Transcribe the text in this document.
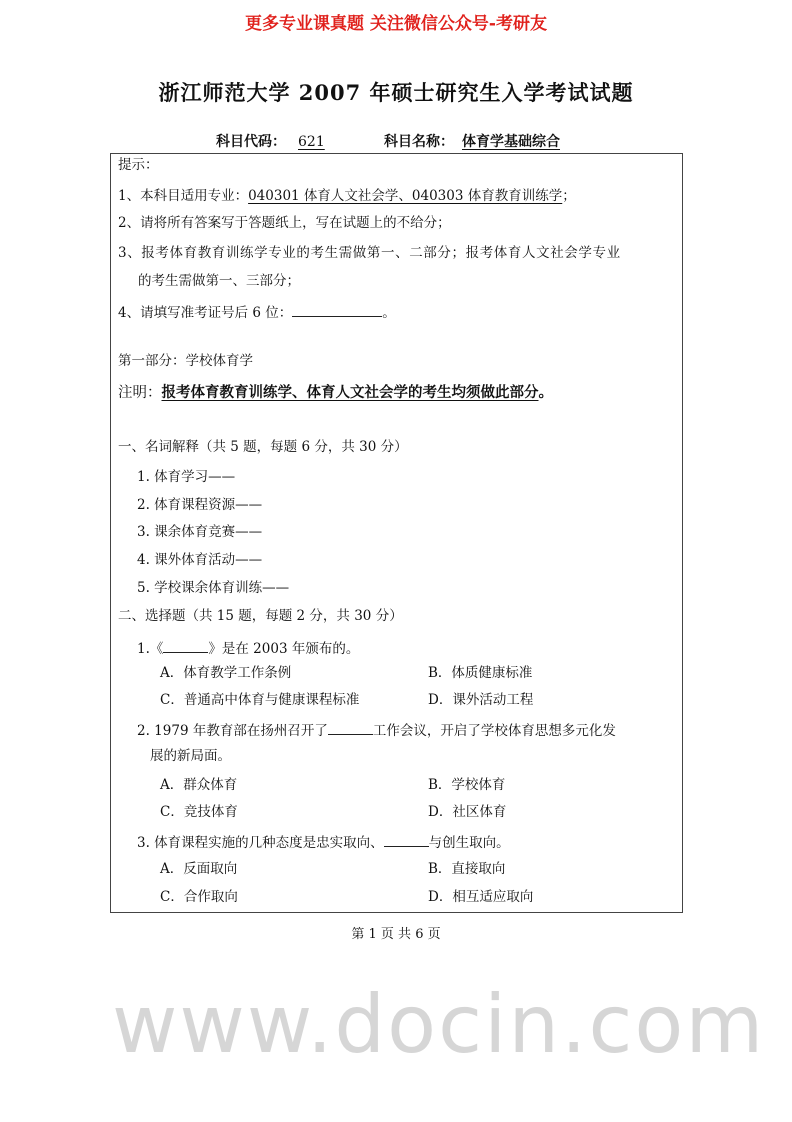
更多专业课真题 关注微信公众号-考研友
浙江师范大学 2007 年硕士研究生入学考试试题
科目代码： 621	科目名称： 体育学基础综合
www.docin.com
提示：
1、本科目适用专业：040301 体育人文社会学、040303 体育教育训练学；
2、请将所有答案写于答题纸上，写在试题上的不给分；
3、报考体育教育训练学专业的考生需做第一、二部分；报考体育人文社会学专业
的考生需做第一、三部分；
4、请填写准考证号后 6 位：	。
第一部分：学校体育学
注明：报考体育教育训练学、体育人文社会学的考生均须做此部分。
一、名词解释（共 5 题，每题 6 分，共 30 分）
1. 体育学习——
2. 体育课程资源——
3. 课余体育竞赛——
4. 课外体育活动——
5. 学校课余体育训练——
二、选择题（共 15 题，每题 2 分，共 30 分）
1.《	》是在 2003 年颁布的。
A．体育教学工作条例	B．体质健康标准
C．普通高中体育与健康课程标准	D．课外活动工程
2. 1979 年教育部在扬州召开了	工作会议，开启了学校体育思想多元化发
展的新局面。
A．群众体育	B．学校体育
C．竞技体育	D．社区体育
3. 体育课程实施的几种态度是忠实取向、	与创生取向。
A．反面取向	B．直接取向
C．合作取向	D．相互适应取向
第 1 页 共 6 页
